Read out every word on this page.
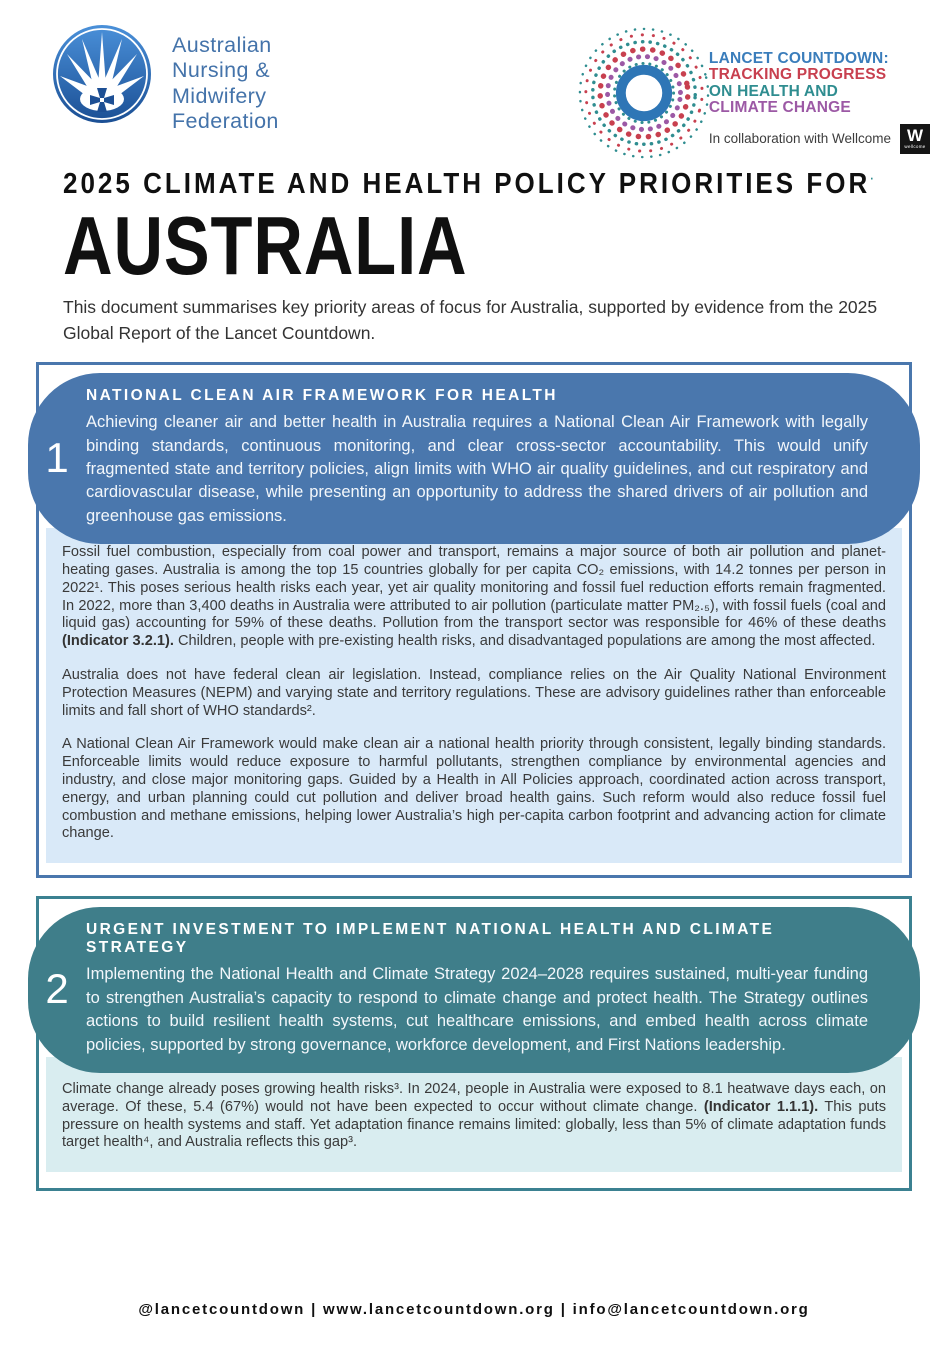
Australian
Nursing &
Midwifery
Federation
LANCET COUNTDOWN:
TRACKING PROGRESS
ON HEALTH AND
CLIMATE CHANGE
In collaboration with Wellcome W
wellcome
2025 CLIMATE AND HEALTH POLICY PRIORITIES FOR·
AUSTRALIA
This document summarises key priority areas of focus for Australia, supported by evidence from the 2025 Global Report of the Lancet Countdown.
1
NATIONAL CLEAN AIR FRAMEWORK FOR HEALTH
Achieving cleaner air and better health in Australia requires a National Clean Air Framework with legally binding standards, continuous monitoring, and clear cross-sector accountability. This would unify fragmented state and territory policies, align limits with WHO air quality guidelines, and cut respiratory and cardiovascular disease, while presenting an opportunity to address the shared drivers of air pollution and greenhouse gas emissions.

Fossil fuel combustion, especially from coal power and transport, remains a major source of both air pollution and planet-heating gases. Australia is among the top 15 countries globally for per capita CO₂ emissions, with 14.2 tonnes per person in 2022¹. This poses serious health risks each year, yet air quality monitoring and fossil fuel reduction efforts remain fragmented. In 2022, more than 3,400 deaths in Australia were attributed to air pollution (particulate matter PM₂.₅), with fossil fuels (coal and liquid gas) accounting for 59% of these deaths. Pollution from the transport sector was responsible for 46% of these deaths (Indicator 3.2.1). Children, people with pre-existing health risks, and disadvantaged populations are among the most affected.

Australia does not have federal clean air legislation. Instead, compliance relies on the Air Quality National Environment Protection Measures (NEPM) and varying state and territory regulations. These are advisory guidelines rather than enforceable limits and fall short of WHO standards².

A National Clean Air Framework would make clean air a national health priority through consistent, legally binding standards. Enforceable limits would reduce exposure to harmful pollutants, strengthen compliance by environmental agencies and industry, and close major monitoring gaps. Guided by a Health in All Policies approach, coordinated action across transport, energy, and urban planning could cut pollution and deliver broad health gains. Such reform would also reduce fossil fuel combustion and methane emissions, helping lower Australia’s high per-capita carbon footprint and advancing action for climate change.

2
URGENT INVESTMENT TO IMPLEMENT NATIONAL HEALTH AND CLIMATE STRATEGY
Implementing the National Health and Climate Strategy 2024–2028 requires sustained, multi-year funding to strengthen Australia’s capacity to respond to climate change and protect health. The Strategy outlines actions to build resilient health systems, cut healthcare emissions, and embed health across climate policies, supported by strong governance, workforce development, and First Nations leadership.

Climate change already poses growing health risks³. In 2024, people in Australia were exposed to 8.1 heatwave days each, on average. Of these, 5.4 (67%) would not have been expected to occur without climate change. (Indicator 1.1.1). This puts pressure on health systems and staff. Yet adaptation finance remains limited: globally, less than 5% of climate adaptation funds target health⁴, and Australia reflects this gap³.

@lancetcountdown | www.lancetcountdown.org | info@lancetcountdown.org
